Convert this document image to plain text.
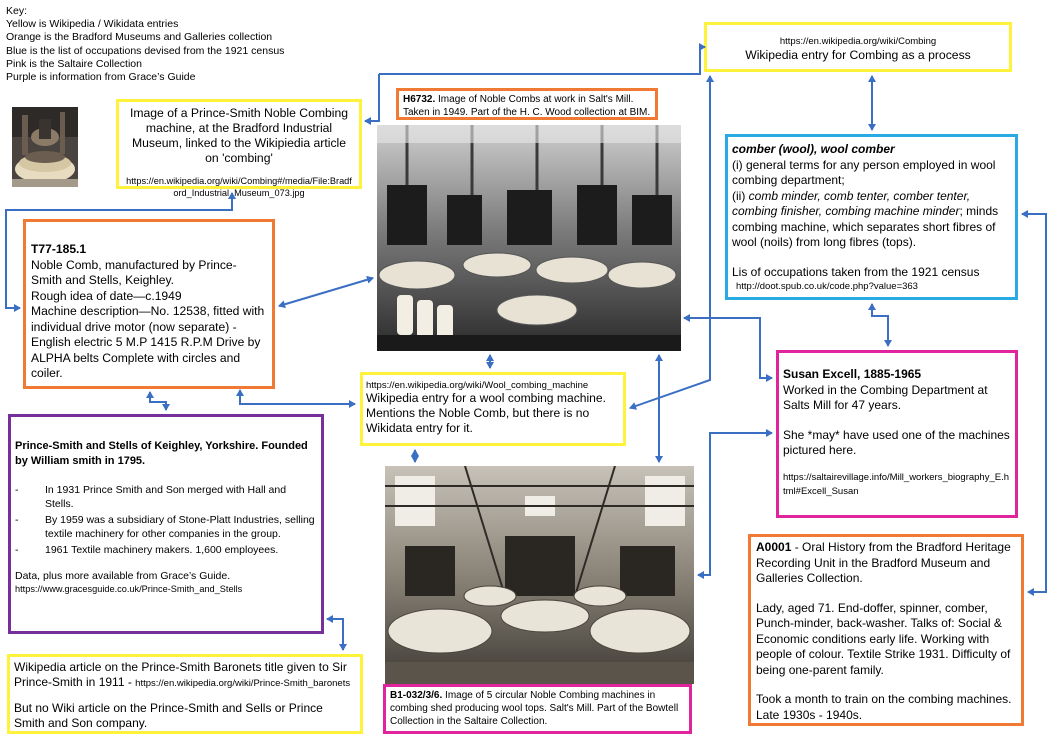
Key:
Yellow is Wikipedia / Wikidata entries
Orange is the Bradford Museums and Galleries collection
Blue is the list of occupations devised from the 1921 census
Pink is the Saltaire Collection
Purple is information from Grace’s Guide

Image of a Prince-Smith Noble Combing machine, at the Bradford Industrial Museum, linked to the Wikipiedia article on 'combing'

https://en.wikipedia.org/wiki/Combing#/media/File:Bradford_Industrial_Museum_073.jpg

H6732. Image of Noble Combs at work in Salt's Mill. Taken in 1949. Part of the H. C. Wood collection at BIM.

https://en.wikipedia.org/wiki/Combing

Wikipedia entry for Combing as a process

comber (wool), wool comber

(i) general terms for any person employed in wool combing department;

(ii) comb minder, comb tenter, comber tenter, combing finisher, combing machine minder; minds combing machine, which separates short fibres of wool (noils) from long fibres (tops).

Lis of occupations taken from the 1921 census

http://doot.spub.co.uk/code.php?value=363

T77-185.1

Noble Comb, manufactured by Prince-Smith and Stells, Keighley.

Rough idea of date—c.1949

Machine description—No. 12538, fitted with individual drive motor (now separate) - English electric 5 M.P 1415 R.P.M Drive by ALPHA belts Complete with circles and coiler.

https://en.wikipedia.org/wiki/Wool_combing_machine

Wikipedia entry for a wool combing machine. Mentions the Noble Comb, but there is no Wikidata entry for it.

Susan Excell, 1885-1965

Worked in the Combing Department at Salts Mill for 47 years.

She *may* have used one of the machines pictured here.

https://saltairevillage.info/Mill_workers_biography_E.html#Excell_Susan

Prince-Smith and Stells of Keighley, Yorkshire. Founded by William smith in 1795.

- In 1931 Prince Smith and Son merged with Hall and Stells.
- By 1959 was a subsidiary of Stone-Platt Industries, selling textile machinery for other companies in the group.
- 1961 Textile machinery makers. 1,600 employees.

Data, plus more available from Grace’s Guide.

https://www.gracesguide.co.uk/Prince-Smith_and_Stells

A0001 - Oral History from the Bradford Heritage Recording Unit in the Bradford Museum and Galleries Collection.

Lady, aged 71. End-doffer, spinner, comber, Punch-minder, back-washer. Talks of: Social & Economic conditions early life. Working with people of colour. Textile Strike 1931. Difficulty of being one-parent family.

Took a month to train on the combing machines. Late 1930s - 1940s.

Wikipedia article on the Prince-Smith Baronets title given to Sir Prince-Smith in 1911 - https://en.wikipedia.org/wiki/Prince-Smith_baronets

But no Wiki article on the Prince-Smith and Sells or Prince Smith and Son company.

B1-032/3/6. Image of 5 circular Noble Combing machines in combing shed producing wool tops. Salt's Mill. Part of the Bowtell Collection in the Saltaire Collection.
